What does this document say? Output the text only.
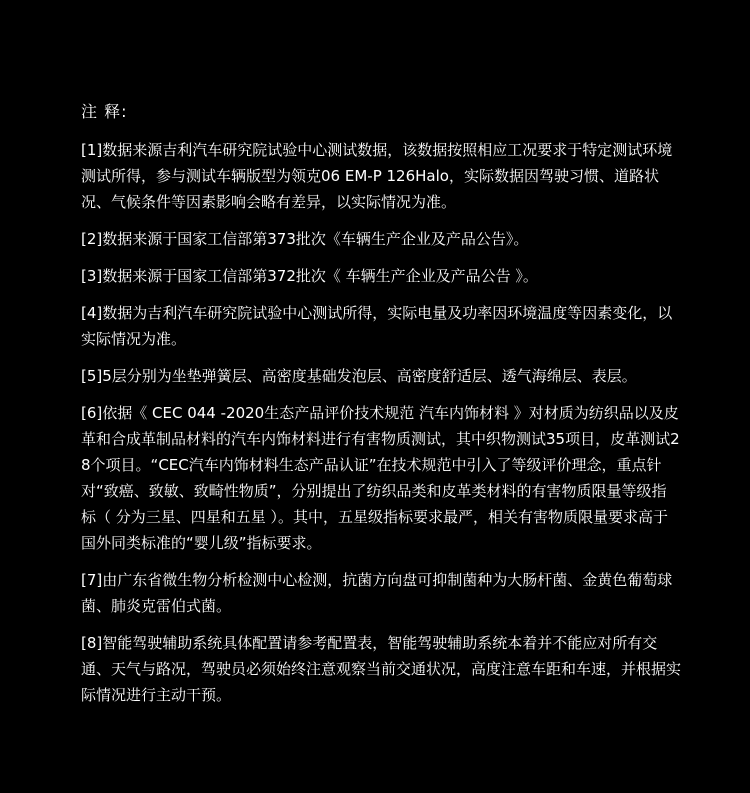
注 释:

[1]数据来源吉利汽车研究院试验中心测试数据，该数据按照相应工况要求于特定测试环境测试所得，参与测试车辆版型为领克06 EM-P 126Halo，实际数据因驾驶习惯、道路状况、气候条件等因素影响会略有差异，以实际情况为准。

[2]数据来源于国家工信部第373批次《车辆生产企业及产品公告》。

[3]数据来源于国家工信部第372批次《 车辆生产企业及产品公告 》。

[4]数据为吉利汽车研究院试验中心测试所得，实际电量及功率因环境温度等因素变化，以实际情况为准。

[5]5层分别为坐垫弹簧层、高密度基础发泡层、高密度舒适层、透气海绵层、表层。

[6]依据《 CEC 044 -2020生态产品评价技术规范 汽车内饰材料 》对材质为纺织品以及皮革和合成革制品材料的汽车内饰材料进行有害物质测试，其中织物测试35项目，皮革测试28个项目。“CEC汽车内饰材料生态产品认证”在技术规范中引入了等级评价理念，重点针对“致癌、致敏、致畸性物质”，分别提出了纺织品类和皮革类材料的有害物质限量等级指标（ 分为三星、四星和五星 ）。其中，五星级指标要求最严，相关有害物质限量要求高于国外同类标准的“婴儿级”指标要求。

[7]由广东省微生物分析检测中心检测，抗菌方向盘可抑制菌种为大肠杆菌、金黄色葡萄球菌、肺炎克雷伯式菌。

[8]智能驾驶辅助系统具体配置请参考配置表，智能驾驶辅助系统本着并不能应对所有交通、天气与路况，驾驶员必须始终注意观察当前交通状况，高度注意车距和车速，并根据实际情况进行主动干预。
